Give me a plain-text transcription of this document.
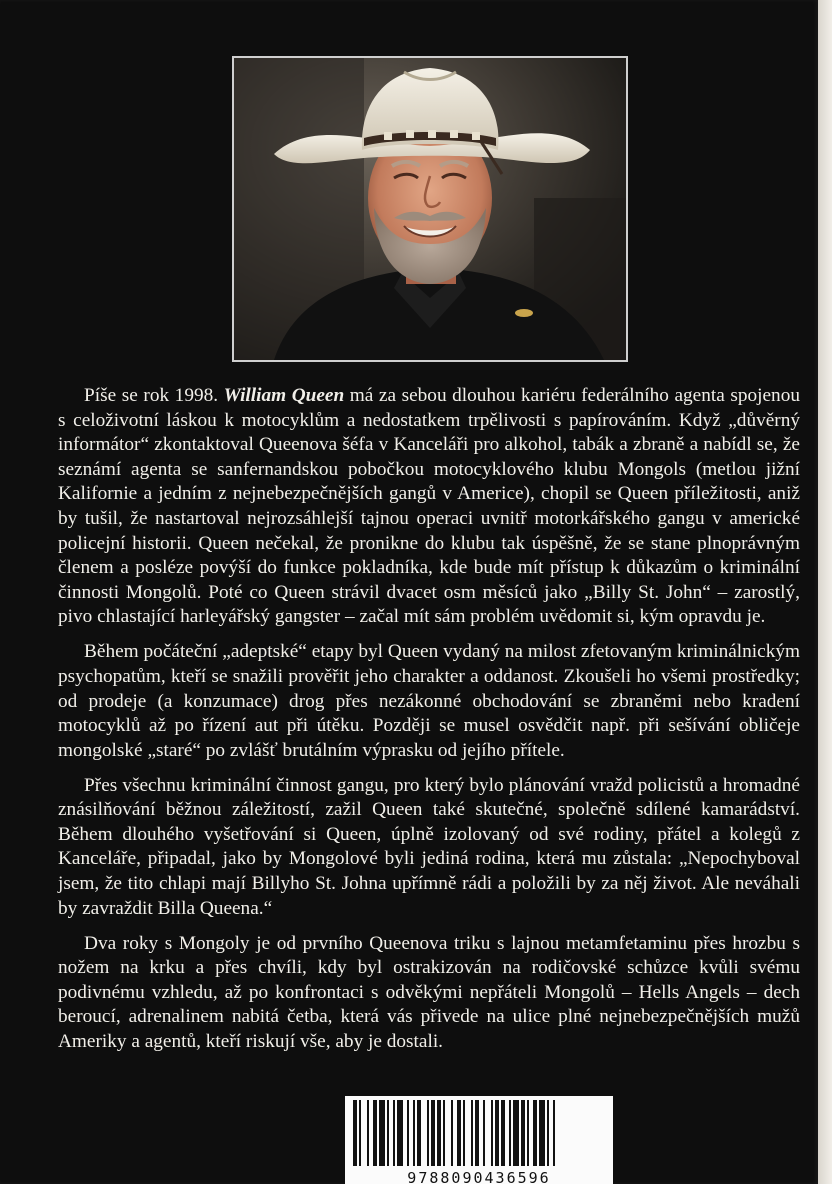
Píše se rok 1998. William Queen má za sebou dlouhou kariéru federálního agenta spojenou s celoživotní láskou k motocyklům a nedostatkem trpělivosti s papírováním. Když „důvěrný informátor“ zkontaktoval Queenova šéfa v Kanceláři pro alkohol, tabák a zbraně a nabídl se, že seznámí agenta se sanfernandskou pobočkou motocyklového klubu Mongols (metlou jižní Kalifornie a jedním z nejnebezpečnějších gangů v Americe), chopil se Queen příležitosti, aniž by tušil, že nastartoval nejrozsáhlejší tajnou operaci uvnitř motorkářského gangu v americké policejní historii. Queen nečekal, že pronikne do klubu tak úspěšně, že se stane plnoprávným členem a posléze povýší do funkce pokladníka, kde bude mít přístup k důkazům o kriminální činnosti Mongolů. Poté co Queen strávil dvacet osm měsíců jako „Billy St. John“ – zarostlý, pivo chlastající harleyářský gangster – začal mít sám problém uvědomit si, kým opravdu je.

Během počáteční „adeptské“ etapy byl Queen vydaný na milost zfetovaným kriminálnickým psychopatům, kteří se snažili prověřit jeho charakter a oddanost. Zkoušeli ho všemi prostředky; od prodeje (a konzumace) drog přes nezákonné obchodování se zbraněmi nebo kradení motocyklů až po řízení aut při útěku. Později se musel osvědčit např. při sešívání obličeje mongolské „staré“ po zvlášť brutálním výprasku od jejího přítele.

Přes všechnu kriminální činnost gangu, pro který bylo plánování vražd policistů a hromadné znásilňování běžnou záležitostí, zažil Queen také skutečné, společně sdílené kamarádství. Během dlouhého vyšetřování si Queen, úplně izolovaný od své rodiny, přátel a kolegů z Kanceláře, připadal, jako by Mongolové byli jediná rodina, která mu zůstala: „Nepochyboval jsem, že tito chlapi mají Billyho St. Johna upřímně rádi a položili by za něj život. Ale neváhali by zavraždit Billa Queena.“

Dva roky s Mongoly je od prvního Queenova triku s lajnou metamfetaminu přes hrozbu s nožem na krku a přes chvíli, kdy byl ostrakizován na rodičovské schůzce kvůli svému podivnému vzhledu, až po konfrontaci s odvěkými nepřáteli Mongolů – Hells Angels – dech beroucí, adrenalinem nabitá četba, která vás přivede na ulice plné nejnebezpečnějších mužů Ameriky a agentů, kteří riskují vše, aby je dostali.

9788090436596
